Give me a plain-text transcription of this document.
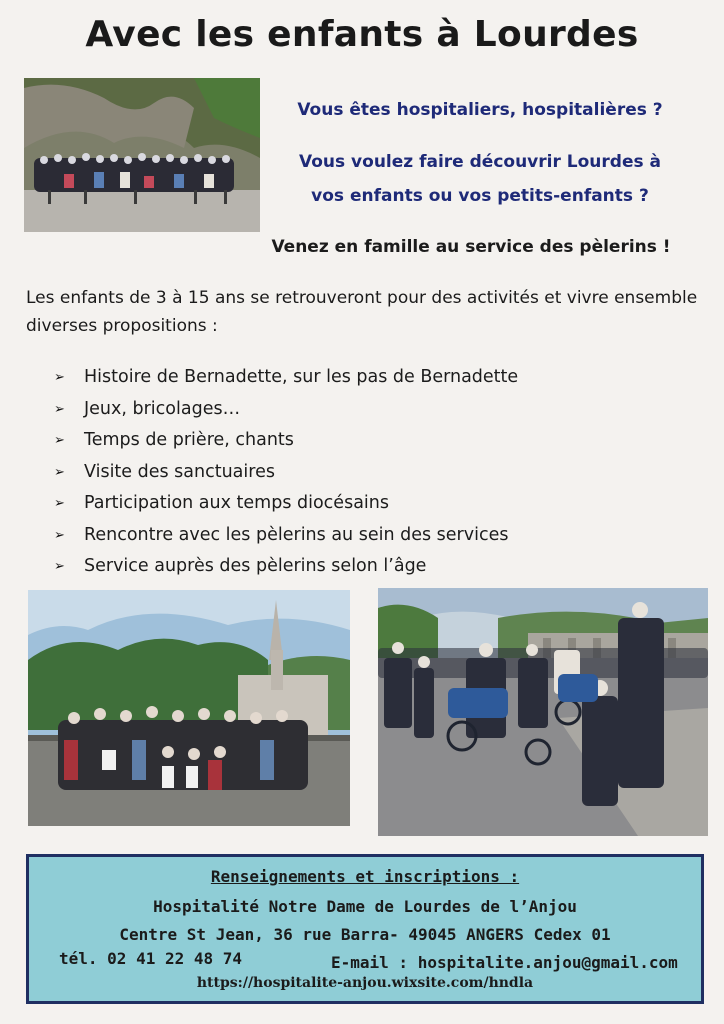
Avec les enfants à Lourdes
Vous êtes hospitaliers, hospitalières ?
Vous voulez faire découvrir Lourdes à
vos enfants ou vos petits-enfants ?
Venez en famille au service des pèlerins !
Les enfants de 3 à 15 ans se retrouveront pour des activités et vivre ensemble diverses propositions :
➢	Histoire de Bernadette, sur les pas de Bernadette
➢	Jeux, bricolages…
➢	Temps de prière, chants
➢	Visite des sanctuaires
➢	Participation aux temps diocésains
➢	Rencontre avec les pèlerins au sein des services
➢	Service auprès des pèlerins selon l’âge
Renseignements et inscriptions :
Hospitalité Notre Dame de Lourdes de l’Anjou
Centre St Jean, 36 rue Barra- 49045 ANGERS Cedex 01
tél. 02 41 22 48 74	E-mail : hospitalite.anjou@gmail.com
https://hospitalite-anjou.wixsite.com/hndla
